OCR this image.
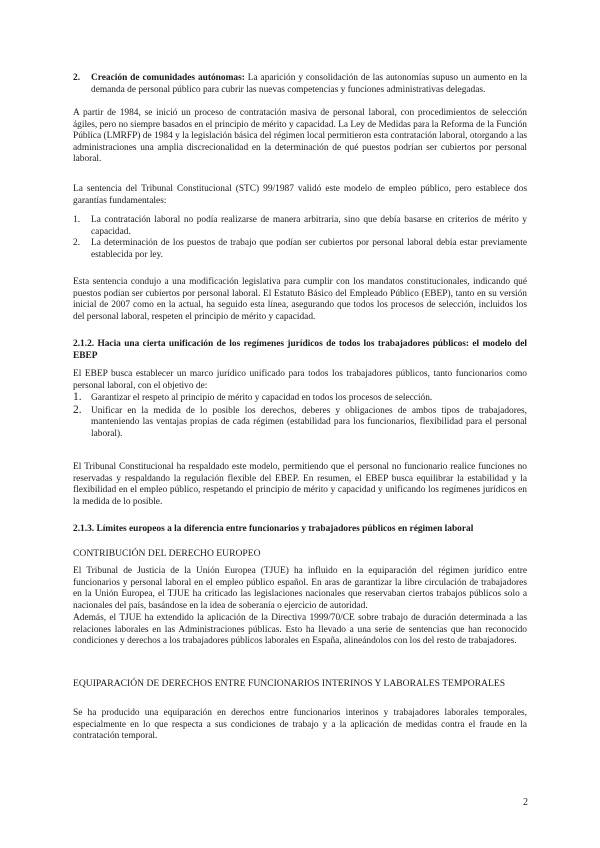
2. Creación de comunidades autónomas: La aparición y consolidación de las autonomías supuso un aumento en la demanda de personal público para cubrir las nuevas competencias y funciones administrativas delegadas.

A partir de 1984, se inició un proceso de contratación masiva de personal laboral, con procedimientos de selección ágiles, pero no siempre basados en el principio de mérito y capacidad. La Ley de Medidas para la Reforma de la Función Pública (LMRFP) de 1984 y la legislación básica del régimen local permitieron esta contratación laboral, otorgando a las administraciones una amplia discrecionalidad en la determinación de qué puestos podrían ser cubiertos por personal laboral.

La sentencia del Tribunal Constitucional (STC) 99/1987 validó este modelo de empleo público, pero establece dos garantías fundamentales:

1. La contratación laboral no podía realizarse de manera arbitraria, sino que debía basarse en criterios de mérito y capacidad.
2. La determinación de los puestos de trabajo que podían ser cubiertos por personal laboral debía estar previamente establecida por ley.

Esta sentencia condujo a una modificación legislativa para cumplir con los mandatos constitucionales, indicando qué puestos podían ser cubiertos por personal laboral. El Estatuto Básico del Empleado Público (EBEP), tanto en su versión inicial de 2007 como en la actual, ha seguido esta línea, asegurando que todos los procesos de selección, incluidos los del personal laboral, respeten el principio de mérito y capacidad.

2.1.2. Hacia una cierta unificación de los regímenes jurídicos de todos los trabajadores públicos: el modelo del EBEP

El EBEP busca establecer un marco jurídico unificado para todos los trabajadores públicos, tanto funcionarios como personal laboral, con el objetivo de:

1. Garantizar el respeto al principio de mérito y capacidad en todos los procesos de selección.
2. Unificar en la medida de lo posible los derechos, deberes y obligaciones de ambos tipos de trabajadores, manteniendo las ventajas propias de cada régimen (estabilidad para los funcionarios, flexibilidad para el personal laboral).

El Tribunal Constitucional ha respaldado este modelo, permitiendo que el personal no funcionario realice funciones no reservadas y respaldando la regulación flexible del EBEP. En resumen, el EBEP busca equilibrar la estabilidad y la flexibilidad en el empleo público, respetando el principio de mérito y capacidad y unificando los regímenes jurídicos en la medida de lo posible.

2.1.3. Límites europeos a la diferencia entre funcionarios y trabajadores públicos en régimen laboral
CONTRIBUCIÓN DEL DERECHO EUROPEO

El Tribunal de Justicia de la Unión Europea (TJUE) ha influido en la equiparación del régimen jurídico entre funcionarios y personal laboral en el empleo público español. En aras de garantizar la libre circulación de trabajadores en la Unión Europea, el TJUE ha criticado las legislaciones nacionales que reservaban ciertos trabajos públicos solo a nacionales del país, basándose en la idea de soberanía o ejercicio de autoridad.

Además, el TJUE ha extendido la aplicación de la Directiva 1999/70/CE sobre trabajo de duración determinada a las relaciones laborales en las Administraciones públicas. Esto ha llevado a una serie de sentencias que han reconocido condiciones y derechos a los trabajadores públicos laborales en España, alineándolos con los del resto de trabajadores.

EQUIPARACIÓN DE DERECHOS ENTRE FUNCIONARIOS INTERINOS Y LABORALES TEMPORALES

Se ha producido una equiparación en derechos entre funcionarios interinos y trabajadores laborales temporales, especialmente en lo que respecta a sus condiciones de trabajo y a la aplicación de medidas contra el fraude en la contratación temporal.

2
